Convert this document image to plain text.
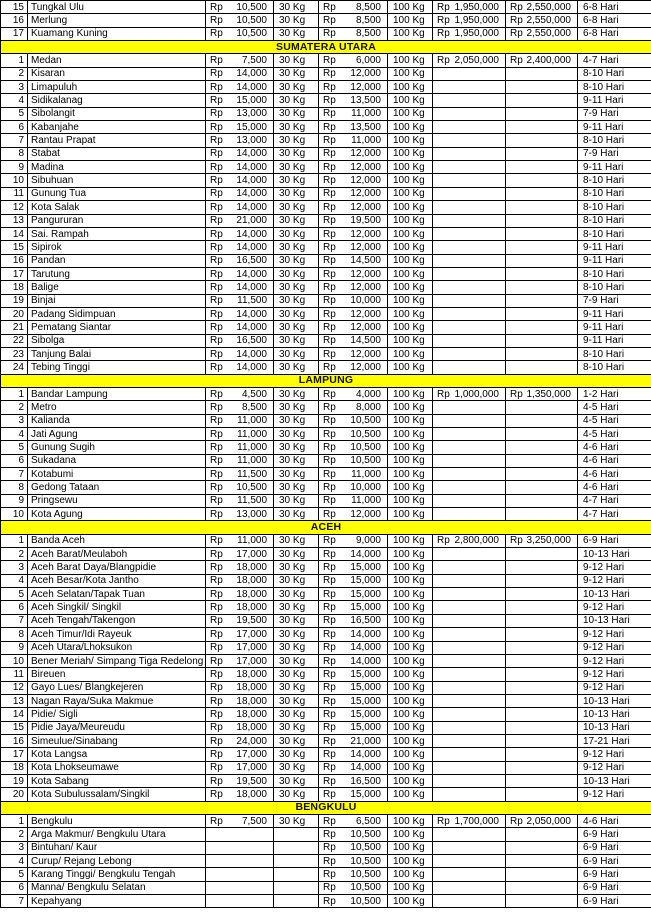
15	Tungkal Ulu	Rp 10,500	30 Kg	Rp 8,500	100 Kg	Rp 1,950,000	Rp 2,550,000	6-8 Hari
16	Merlung	Rp 10,500	30 Kg	Rp 8,500	100 Kg	Rp 1,950,000	Rp 2,550,000	6-8 Hari
17	Kuamang Kuning	Rp 10,500	30 Kg	Rp 8,500	100 Kg	Rp 1,950,000	Rp 2,550,000	6-8 Hari
SUMATERA UTARA								
1	Medan	Rp 7,500	30 Kg	Rp 6,000	100 Kg	Rp 2,050,000	Rp 2,400,000	4-7 Hari
2	Kisaran	Rp 14,000	30 Kg	Rp 12,000	100 Kg			8-10 Hari
3	Limapuluh	Rp 14,000	30 Kg	Rp 12,000	100 Kg			8-10 Hari
4	Sidikalanag	Rp 15,000	30 Kg	Rp 13,500	100 Kg			9-11 Hari
5	Sibolangit	Rp 13,000	30 Kg	Rp 11,000	100 Kg			7-9 Hari
6	Kabanjahe	Rp 15,000	30 Kg	Rp 13,500	100 Kg			9-11 Hari
7	Rantau Prapat	Rp 13,000	30 Kg	Rp 11,000	100 Kg			8-10 Hari
8	Stabat	Rp 14,000	30 Kg	Rp 12,000	100 Kg			7-9 Hari
9	Madina	Rp 14,000	30 Kg	Rp 12,000	100 Kg			9-11 Hari
10	Sibuhuan	Rp 14,000	30 Kg	Rp 12,000	100 Kg			8-10 Hari
11	Gunung Tua	Rp 14,000	30 Kg	Rp 12,000	100 Kg			8-10 Hari
12	Kota Salak	Rp 14,000	30 Kg	Rp 12,000	100 Kg			8-10 Hari
13	Pangururan	Rp 21,000	30 Kg	Rp 19,500	100 Kg			8-10 Hari
14	Sai. Rampah	Rp 14,000	30 Kg	Rp 12,000	100 Kg			8-10 Hari
15	Sipirok	Rp 14,000	30 Kg	Rp 12,000	100 Kg			9-11 Hari
16	Pandan	Rp 16,500	30 Kg	Rp 14,500	100 Kg			9-11 Hari
17	Tarutung	Rp 14,000	30 Kg	Rp 12,000	100 Kg			8-10 Hari
18	Balige	Rp 14,000	30 Kg	Rp 12,000	100 Kg			8-10 Hari
19	Binjai	Rp 11,500	30 Kg	Rp 10,000	100 Kg			7-9 Hari
20	Padang Sidimpuan	Rp 14,000	30 Kg	Rp 12,000	100 Kg			9-11 Hari
21	Pematang Siantar	Rp 14,000	30 Kg	Rp 12,000	100 Kg			9-11 Hari
22	Sibolga	Rp 16,500	30 Kg	Rp 14,500	100 Kg			9-11 Hari
23	Tanjung Balai	Rp 14,000	30 Kg	Rp 12,000	100 Kg			8-10 Hari
24	Tebing Tinggi	Rp 14,000	30 Kg	Rp 12,000	100 Kg			8-10 Hari
LAMPUNG								
1	Bandar Lampung	Rp 4,500	30 Kg	Rp 4,000	100 Kg	Rp 1,000,000	Rp 1,350,000	1-2 Hari
2	Metro	Rp 8,500	30 Kg	Rp 8,000	100 Kg			4-5 Hari
3	Kalianda	Rp 11,000	30 Kg	Rp 10,500	100 Kg			4-5 Hari
4	Jati Agung	Rp 11,000	30 Kg	Rp 10,500	100 Kg			4-5 Hari
5	Gunung Sugih	Rp 11,000	30 Kg	Rp 10,500	100 Kg			4-6 Hari
6	Sukadana	Rp 11,000	30 Kg	Rp 10,500	100 Kg			4-6 Hari
7	Kotabumi	Rp 11,500	30 Kg	Rp 11,000	100 Kg			4-6 Hari
8	Gedong Tataan	Rp 10,500	30 Kg	Rp 10,000	100 Kg			4-6 Hari
9	Pringsewu	Rp 11,500	30 Kg	Rp 11,000	100 Kg			4-7 Hari
10	Kota Agung	Rp 13,000	30 Kg	Rp 12,000	100 Kg			4-7 Hari
ACEH								
1	Banda Aceh	Rp 11,000	30 Kg	Rp 9,000	100 Kg	Rp 2,800,000	Rp 3,250,000	6-9 Hari
2	Aceh Barat/Meulaboh	Rp 17,000	30 Kg	Rp 14,000	100 Kg			10-13 Hari
3	Aceh Barat Daya/Blangpidie	Rp 18,000	30 Kg	Rp 15,000	100 Kg			9-12 Hari
4	Aceh Besar/Kota Jantho	Rp 18,000	30 Kg	Rp 15,000	100 Kg			9-12 Hari
5	Aceh Selatan/Tapak Tuan	Rp 18,000	30 Kg	Rp 15,000	100 Kg			10-13 Hari
6	Aceh Singkil/ Singkil	Rp 18,000	30 Kg	Rp 15,000	100 Kg			9-12 Hari
7	Aceh Tengah/Takengon	Rp 19,500	30 Kg	Rp 16,500	100 Kg			10-13 Hari
8	Aceh Timur/Idi Rayeuk	Rp 17,000	30 Kg	Rp 14,000	100 Kg			9-12 Hari
9	Aceh Utara/Lhoksukon	Rp 17,000	30 Kg	Rp 14,000	100 Kg			9-12 Hari
10	Bener Meriah/ Simpang Tiga Redelong	Rp 17,000	30 Kg	Rp 14,000	100 Kg			9-12 Hari
11	Bireuen	Rp 18,000	30 Kg	Rp 15,000	100 Kg			9-12 Hari
12	Gayo Lues/ Blangkejeren	Rp 18,000	30 Kg	Rp 15,000	100 Kg			9-12 Hari
13	Nagan Raya/Suka Makmue	Rp 18,000	30 Kg	Rp 15,000	100 Kg			10-13 Hari
14	Pidie/ Sigli	Rp 18,000	30 Kg	Rp 15,000	100 Kg			10-13 Hari
15	Pidie Jaya/Meureudu	Rp 18,000	30 Kg	Rp 15,000	100 Kg			10-13 Hari
16	Simeulue/Sinabang	Rp 24,000	30 Kg	Rp 21,000	100 Kg			17-21 Hari
17	Kota Langsa	Rp 17,000	30 Kg	Rp 14,000	100 Kg			9-12 Hari
18	Kota Lhokseumawe	Rp 17,000	30 Kg	Rp 14,000	100 Kg			9-12 Hari
19	Kota Sabang	Rp 19,500	30 Kg	Rp 16,500	100 Kg			10-13 Hari
20	Kota Subulussalam/Singkil	Rp 18,000	30 Kg	Rp 15,000	100 Kg			9-12 Hari
BENGKULU								
1	Bengkulu	Rp 7,500	30 Kg	Rp 6,500	100 Kg	Rp 1,700,000	Rp 2,050,000	4-6 Hari
2	Arga Makmur/ Bengkulu Utara			Rp 10,500	100 Kg			6-9 Hari
3	Bintuhan/ Kaur			Rp 10,500	100 Kg			6-9 Hari
4	Curup/ Rejang Lebong			Rp 10,500	100 Kg			6-9 Hari
5	Karang Tinggi/ Bengkulu Tengah			Rp 10,500	100 Kg			6-9 Hari
6	Manna/ Bengkulu Selatan			Rp 10,500	100 Kg			6-9 Hari
7	Kepahyang			Rp 10,500	100 Kg			6-9 Hari
